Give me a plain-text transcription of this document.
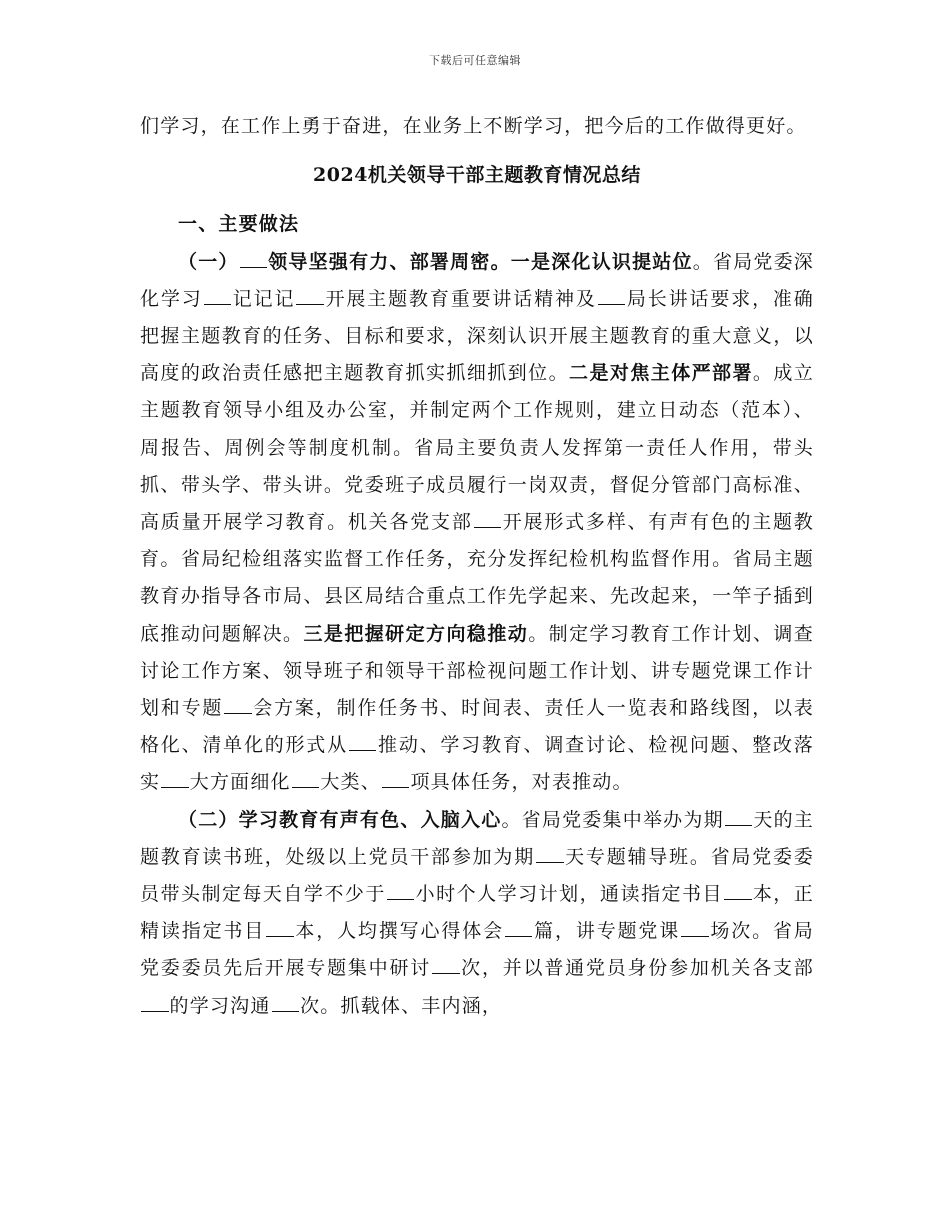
下载后可任意编辑

们学习，在工作上勇于奋进，在业务上不断学习，把今后的工作做得更好。

2024机关领导干部主题教育情况总结

一、主要做法

（一） 领导坚强有力、部署周密。一是深化认识提站位。省局党委深化学习 记记记 开展主题教育重要讲话精神及 局长讲话要求，准确把握主题教育的任务、目标和要求，深刻认识开展主题教育的重大意义，以高度的政治责任感把主题教育抓实抓细抓到位。二是对焦主体严部署。成立主题教育领导小组及办公室，并制定两个工作规则，建立日动态（范本）、周报告、周例会等制度机制。省局主要负责人发挥第一责任人作用，带头抓、带头学、带头讲。党委班子成员履行一岗双责，督促分管部门高标准、高质量开展学习教育。机关各党支部 开展形式多样、有声有色的主题教育。省局纪检组落实监督工作任务，充分发挥纪检机构监督作用。省局主题教育办指导各市局、县区局结合重点工作先学起来、先改起来，一竿子插到底推动问题解决。三是把握研定方向稳推动。制定学习教育工作计划、调查讨论工作方案、领导班子和领导干部检视问题工作计划、讲专题党课工作计划和专题 会方案，制作任务书、时间表、责任人一览表和路线图，以表格化、清单化的形式从 推动、学习教育、调查讨论、检视问题、整改落实 大方面细化 大类、 项具体任务，对表推动。

（二）学习教育有声有色、入脑入心。省局党委集中举办为期 天的主题教育读书班，处级以上党员干部参加为期 天专题辅导班。省局党委委员带头制定每天自学不少于 小时个人学习计划，通读指定书目 本，正精读指定书目 本，人均撰写心得体会 篇，讲专题党课 场次。省局党委委员先后开展专题集中研讨 次，并以普通党员身份参加机关各支部的学习沟通 次。抓载体、丰内涵，
